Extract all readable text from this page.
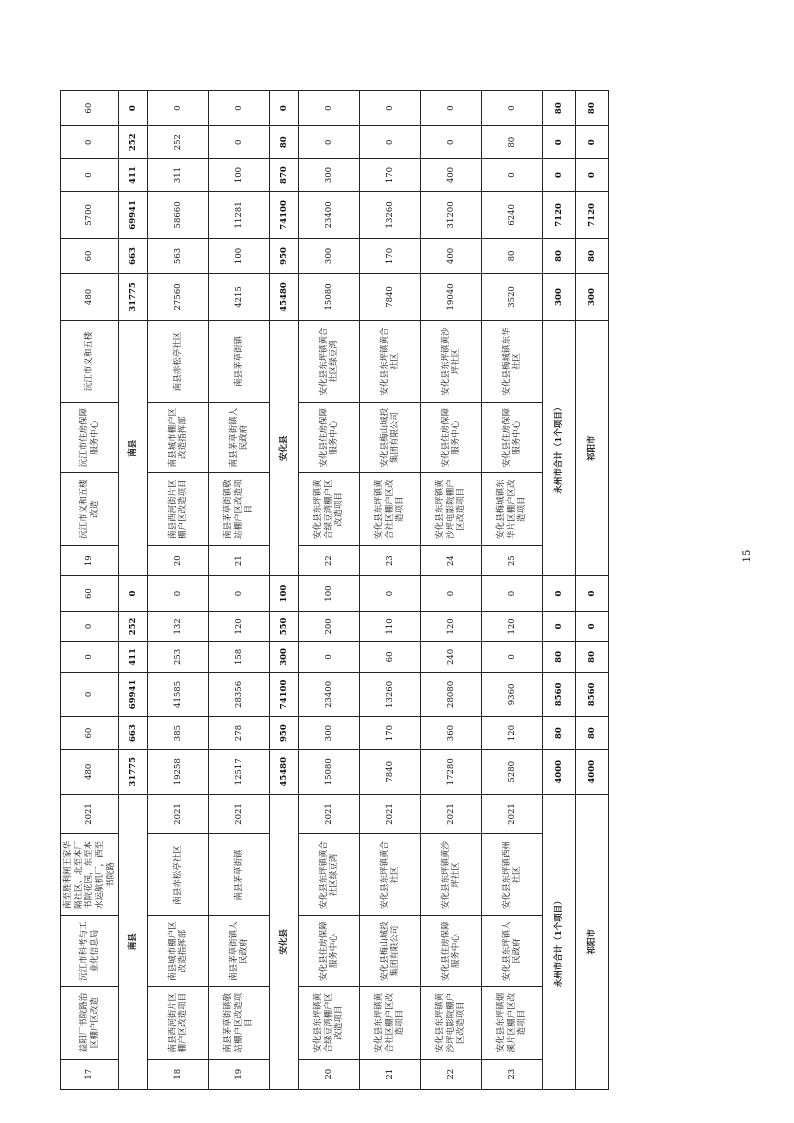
17	益阳厂书院路治区棚户区改造	沅江市科考与工业化信息局	南至胜利闸王家华隔社区、北至本厂书院花园，东至本水运航机厂，西至书院路	2021	480	60	0	0	0	60	19	沅江市义和五楼改造	沅江市住房保障服务中心	沅江市义和五楼	480	60	5700	0	0	60
南县					31775	663	69941	411	252	0	南县				31775	663	69941	411	252	0
18	南县西河街片区棚户区改造项目	南县城市棚户区改造指挥部	南县赤松亭社区	2021	19258	385	41585	253	132	0	20	南县西河街片区棚户区改造项目	南县城市棚户区改造指挥部	南县赤松亭社区	27560	563	58660	311	252	0
19	南县茅草街镇敬站棚户区改造项目	南县茅草街镇人民政府	南县茅草街镇	2021	12517	278	28356	158	120	0	21	南县茅草街镇敬站棚户区改造项目	南县茅草街镇人民政府	南县茅草街镇	4215	100	11281	100	0	0
安化县					45480	950	74100	300	550	100	安化县				45480	950	74100	870	80	0
20	安化县东坪镇黄合绿豆湾棚户区改造项目	安化县住房保障服务中心	安化县东坪镇黄合社区绿豆湾	2021	15080	300	23400	0	200	100	22	安化县东坪镇黄合绿豆湾棚户区改造项目	安化县住房保障服务中心	安化县东坪镇黄合社区绿豆湾	15080	300	23400	300	0	0
21	安化县东坪镇黄合社区棚户区改造项目	安化县梅山城投集团有限公司	安化县东坪镇黄合社区	2021	7840	170	13260	60	110	0	23	安化县东坪镇黄合社区棚户区改造项目	安化县梅山城投集团有限公司	安化县东坪镇黄合社区	7840	170	13260	170	0	0
22	安化县东坪镇黄沙坪电影院棚户区改造项目	安化县住房保障服务中心	安化县东坪镇黄沙坪社区	2021	17280	360	28080	240	120	0	24	安化县东坪镇黄沙坪电影院棚户区改造项目	安化县住房保障服务中心	安化县东坪镇黄沙坪社区	19040	400	31200	400	0	0
23	安化县东坪镇烟溪片区棚户区改造项目	安化县东坪镇人民政府	安化县东坪镇西州社区	2021	5280	120	9360	0	120	0	25	安化县梅城镇东华片区棚户区改造项目	安化县住房保障服务中心	安化县梅城镇东华社区	3520	80	6240	0	80	0
永州市合计（1个项目）					4000	80	8560	80	0	0	永州市合计（1个项目）				300	80	7120	0	0	80
祁阳市					4000	80	8560	80	0	0	祁阳市				300	80	7120	0	0	80
15
